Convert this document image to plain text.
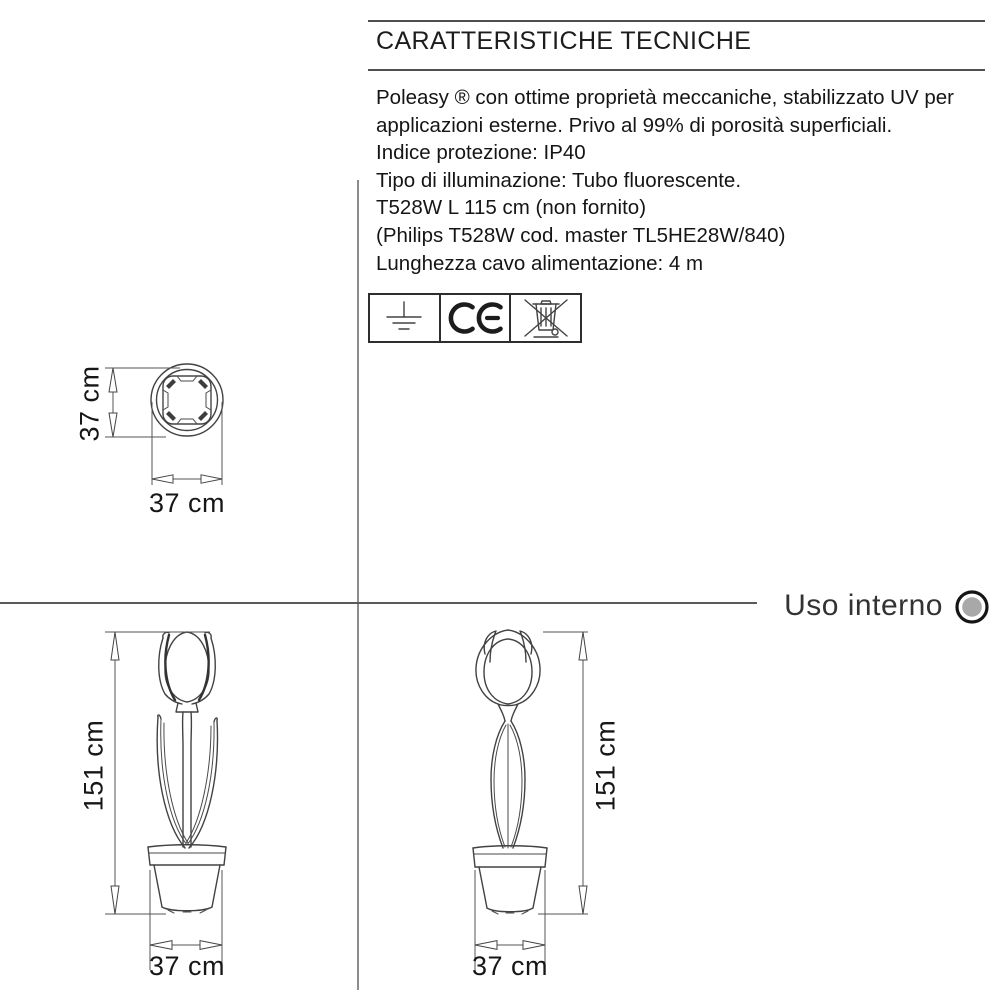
CARATTERISTICHE TECNICHE
Poleasy ® con ottime proprietà meccaniche, stabilizzato UV per
applicazioni esterne. Privo al 99% di porosità superficiali.
Indice protezione: IP40
Tipo di illuminazione: Tubo fluorescente.
T528W L 115 cm (non fornito)
(Philips T528W cod. master TL5HE28W/840)
Lunghezza cavo alimentazione: 4 m
Uso interno
37 cm
37 cm
151 cm
37 cm
151 cm
37 cm
